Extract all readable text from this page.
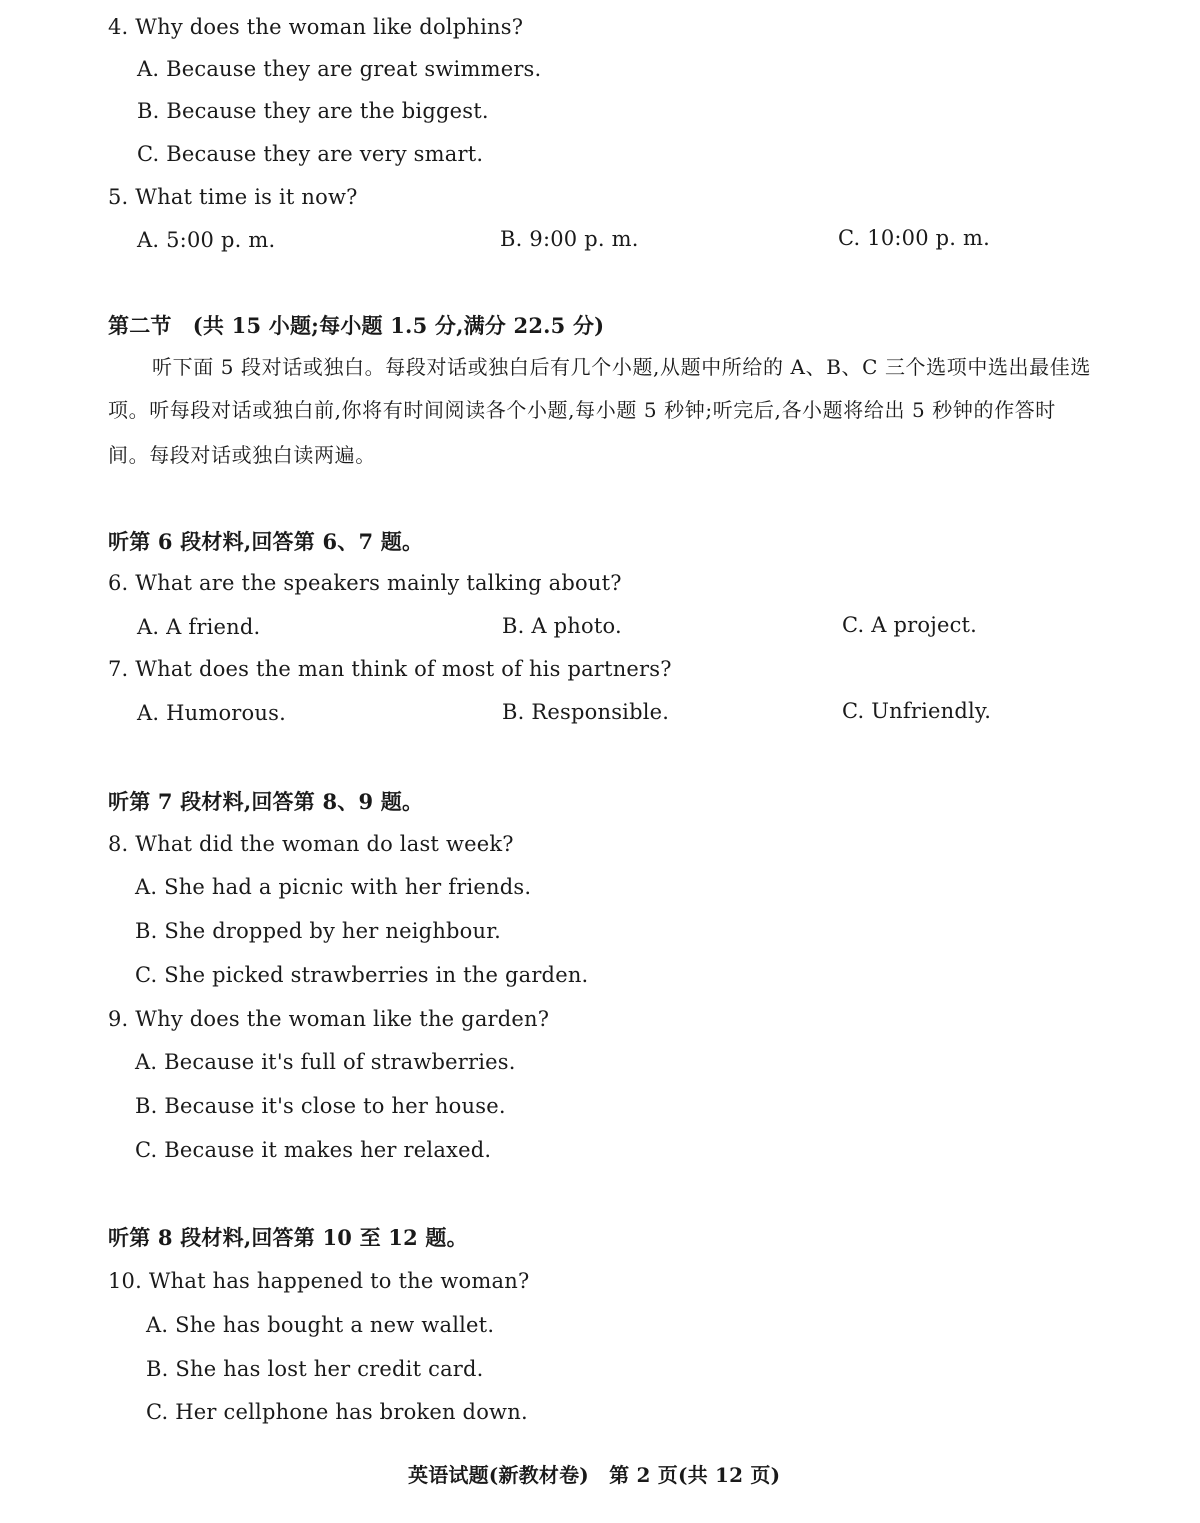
4. Why does the woman like dolphins?
A. Because they are great swimmers.
B. Because they are the biggest.
C. Because they are very smart.
5. What time is it now?
A. 5:00 p. m.	B. 9:00 p. m.	C. 10:00 p. m.
第二节　(共 15 小题;每小题 1.5 分,满分 22.5 分)
听下面 5 段对话或独白。每段对话或独白后有几个小题,从题中所给的 A、B、C 三个选项中选出最佳选
项。听每段对话或独白前,你将有时间阅读各个小题,每小题 5 秒钟;听完后,各小题将给出 5 秒钟的作答时
间。每段对话或独白读两遍。
听第 6 段材料,回答第 6、7 题。
6. What are the speakers mainly talking about?
A. A friend.	B. A photo.	C. A project.
7. What does the man think of most of his partners?
A. Humorous.	B. Responsible.	C. Unfriendly.
听第 7 段材料,回答第 8、9 题。
8. What did the woman do last week?
A. She had a picnic with her friends.
B. She dropped by her neighbour.
C. She picked strawberries in the garden.
9. Why does the woman like the garden?
A. Because it's full of strawberries.
B. Because it's close to her house.
C. Because it makes her relaxed.
听第 8 段材料,回答第 10 至 12 题。
10. What has happened to the woman?
A. She has bought a new wallet.
B. She has lost her credit card.
C. Her cellphone has broken down.
英语试题(新教材卷)　第 2 页(共 12 页)
